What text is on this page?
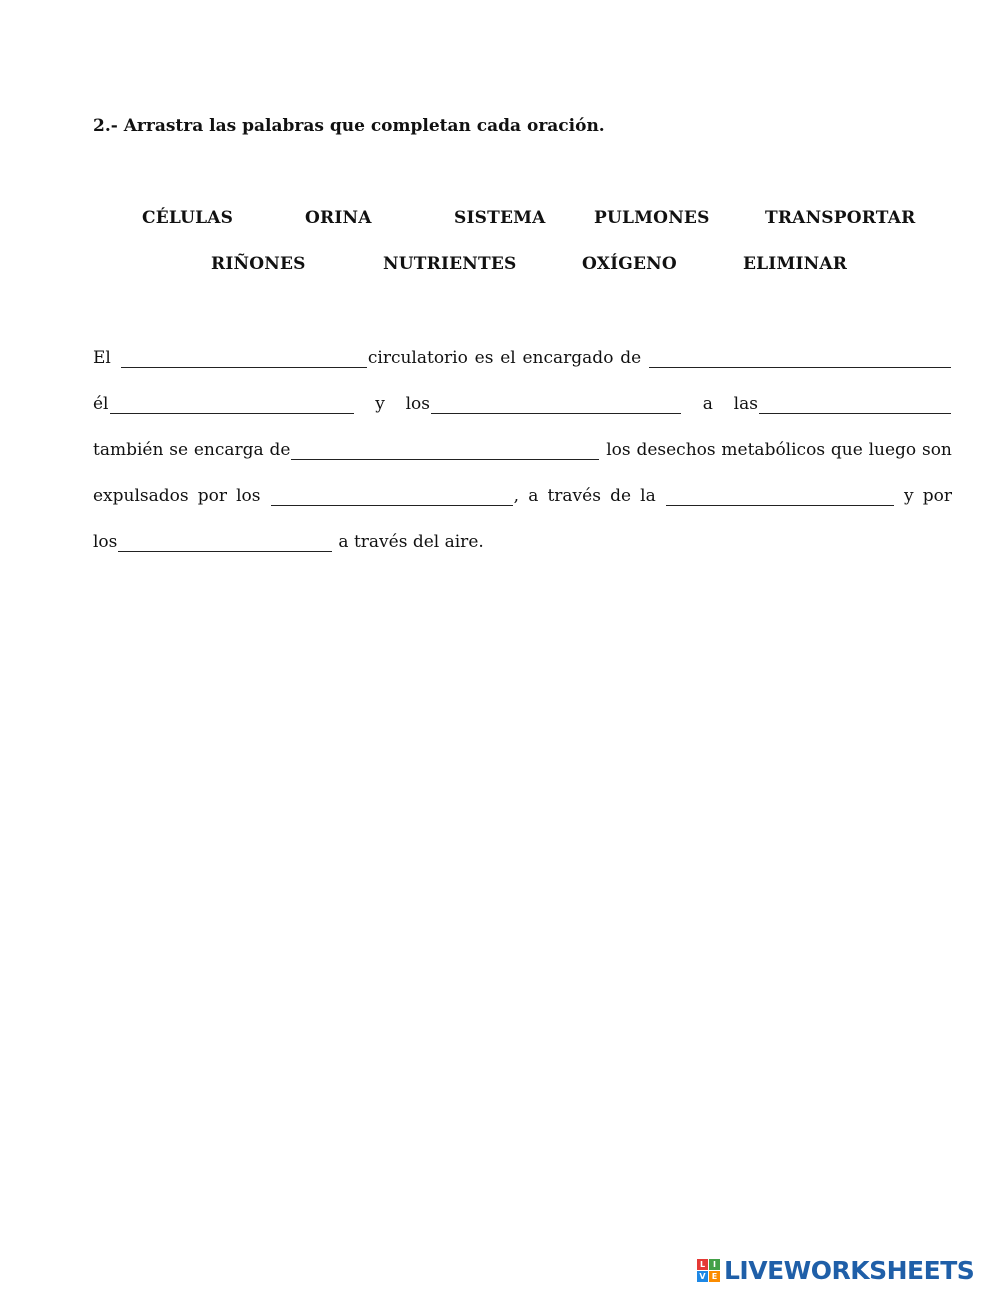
2.- Arrastra las palabras que completan cada oración.
CÉLULAS	ORINA	SISTEMA	PULMONES	TRANSPORTAR
RIÑONES	NUTRIENTES	OXÍGENO	ELIMINAR
El	circulatorio es el encargado de
él	y los	a las
también se encarga de	los desechos metabólicos que luego son
expulsados por los	, a través de la	y por
los	a través del aire.
L I
V E LIVEWORKSHEETS
